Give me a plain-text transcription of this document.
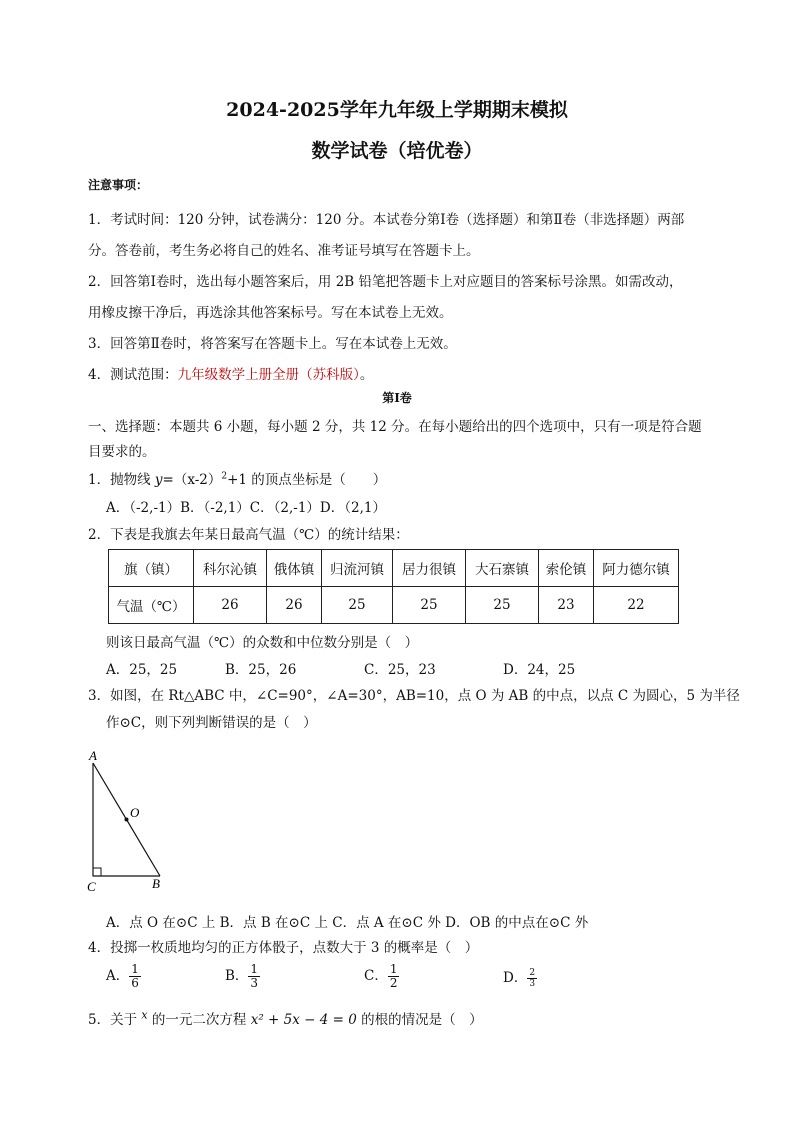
2024-2025学年九年级上学期期末模拟
数学试卷（培优卷）
注意事项：
1．考试时间：120 分钟，试卷满分：120 分。本试卷分第Ⅰ卷（选择题）和第Ⅱ卷（非选择题）两部
分。答卷前，考生务必将自己的姓名、准考证号填写在答题卡上。
2．回答第Ⅰ卷时，选出每小题答案后，用 2B 铅笔把答题卡上对应题目的答案标号涂黑。如需改动，
用橡皮擦干净后，再选涂其他答案标号。写在本试卷上无效。
3．回答第Ⅱ卷时，将答案写在答题卡上。写在本试卷上无效。
4．测试范围：九年级数学上册全册（苏科版）。
第Ⅰ卷
一、选择题：本题共 6 小题，每小题 2 分，共 12 分。在每小题给出的四个选项中，只有一项是符合题
目要求的。
1．抛物线 $y=(x-2)^2+1$ 的顶点坐标是（　　）
A．（-2,-1）B．（-2,1）C．（2,-1）D．（2,1）
2．下表是我旗去年某日最高气温（℃）的统计结果：
旗（镇）	科尔沁镇	俄体镇	归流河镇	居力很镇	大石寨镇	索伦镇	阿力德尔镇
气温（℃）	26	26	25	25	25	23	22
则该日最高气温（℃）的众数和中位数分别是（　）
A．25，25	B．25，26	C．25，23	D．24，25
3．如图，在 Rt△ABC 中，∠C=90°，∠A=30°，AB=10，点 O 为 AB 的中点，以点 C 为圆心，5 为半径
作⊙C，则下列判断错误的是（　）
A
O
C	B
A．点 O 在⊙C 上 B．点 B 在⊙C 上 C．点 A 在⊙C 外 D．OB 的中点在⊙C 外
4．投掷一枚质地均匀的正方体骰子，点数大于 3 的概率是（　）
A． $\frac{1}{6}$	B． $\frac{1}{3}$	C． $\frac{1}{2}$	D． $\frac{2}{3}$
5．关于 $^x$ 的一元二次方程 x² + 5x − 4 = 0 的根的情况是（　）
